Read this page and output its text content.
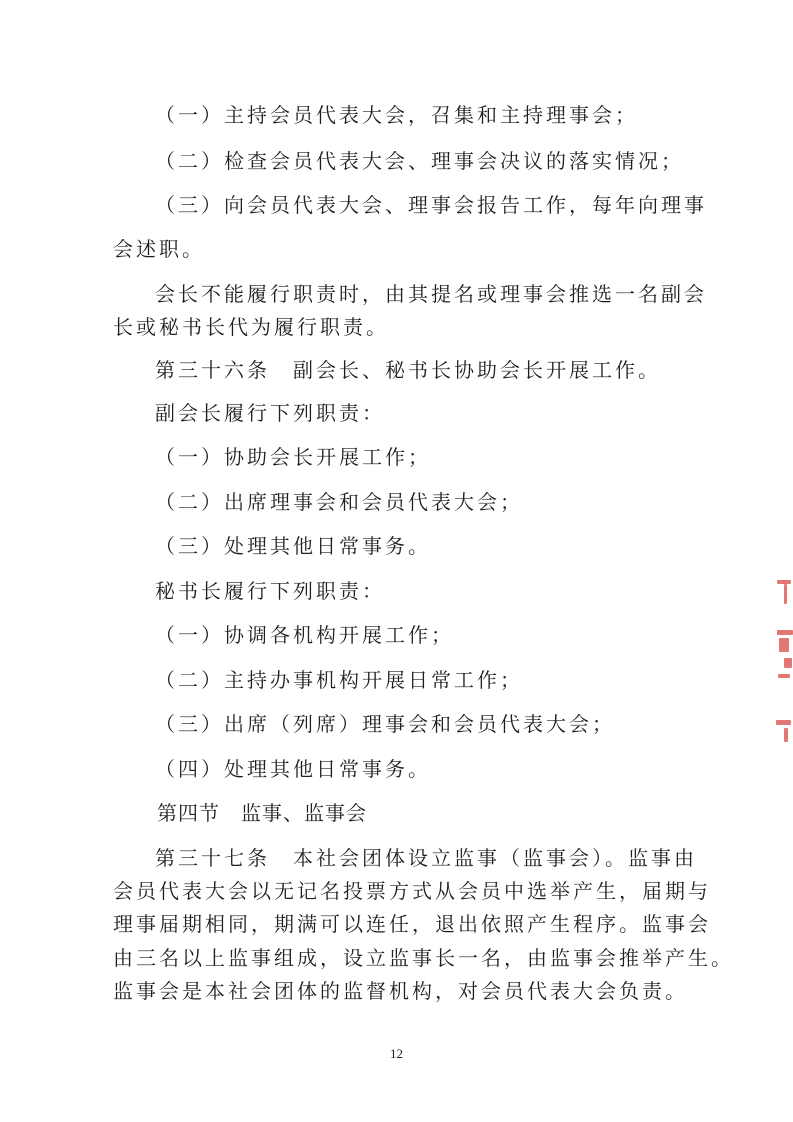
（一）主持会员代表大会，召集和主持理事会；
（二）检查会员代表大会、理事会决议的落实情况；
（三）向会员代表大会、理事会报告工作，每年向理事
会述职。
会长不能履行职责时，由其提名或理事会推选一名副会
长或秘书长代为履行职责。
第三十六条　副会长、秘书长协助会长开展工作。
副会长履行下列职责：
（一）协助会长开展工作；
（二）出席理事会和会员代表大会；
（三）处理其他日常事务。
秘书长履行下列职责：
（一）协调各机构开展工作；
（二）主持办事机构开展日常工作；
（三）出席（列席）理事会和会员代表大会；
（四）处理其他日常事务。
第四节　监事、监事会
第三十七条　本社会团体设立监事（监事会）。监事由
会员代表大会以无记名投票方式从会员中选举产生，届期与
理事届期相同，期满可以连任，退出依照产生程序。监事会
由三名以上监事组成，设立监事长一名，由监事会推举产生。
监事会是本社会团体的监督机构，对会员代表大会负责。
12
